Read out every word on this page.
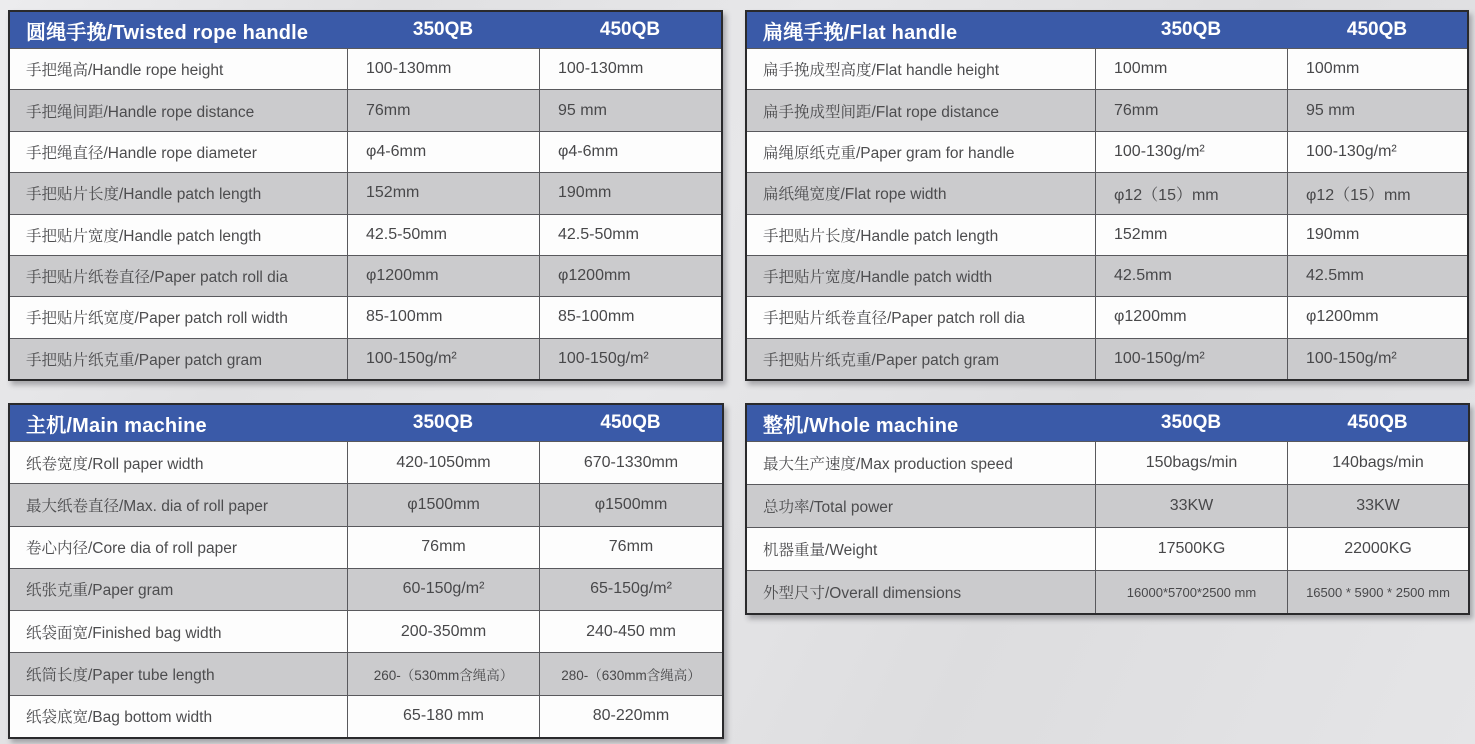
圆绳手挽/Twisted rope handle	350QB	450QB
手把绳高/Handle rope height	100-130mm	100-130mm
手把绳间距/Handle rope distance	76mm	95 mm
手把绳直径/Handle rope diameter	φ4-6mm	φ4-6mm
手把贴片长度/Handle patch length	152mm	190mm
手把贴片宽度/Handle patch length	42.5-50mm	42.5-50mm
手把贴片纸卷直径/Paper patch roll dia	φ1200mm	φ1200mm
手把贴片纸宽度/Paper patch roll width	85-100mm	85-100mm
手把贴片纸克重/Paper patch gram	100-150g/m²	100-150g/m²
扁绳手挽/Flat handle	350QB	450QB
扁手挽成型高度/Flat handle height	100mm	100mm
扁手挽成型间距/Flat rope distance	76mm	95 mm
扁绳原纸克重/Paper gram for handle	100-130g/m²	100-130g/m²
扁纸绳宽度/Flat rope width	φ12（15）mm	φ12（15）mm
手把贴片长度/Handle patch length	152mm	190mm
手把贴片宽度/Handle patch width	42.5mm	42.5mm
手把贴片纸卷直径/Paper patch roll dia	φ1200mm	φ1200mm
手把贴片纸克重/Paper patch gram	100-150g/m²	100-150g/m²
主机/Main machine	350QB	450QB
纸卷宽度/Roll paper width	420-1050mm	670-1330mm
最大纸卷直径/Max. dia of roll paper	φ1500mm	φ1500mm
卷心内径/Core dia of roll paper	76mm	76mm
纸张克重/Paper gram	60-150g/m²	65-150g/m²
纸袋面宽/Finished bag width	200-350mm	240-450 mm
纸筒长度/Paper tube length	260-（530mm含绳高）	280-（630mm含绳高）
纸袋底宽/Bag bottom width	65-180 mm	80-220mm
整机/Whole machine	350QB	450QB
最大生产速度/Max production speed	150bags/min	140bags/min
总功率/Total power	33KW	33KW
机器重量/Weight	17500KG	22000KG
外型尺寸/Overall dimensions	16000*5700*2500 mm	16500 * 5900 * 2500 mm
